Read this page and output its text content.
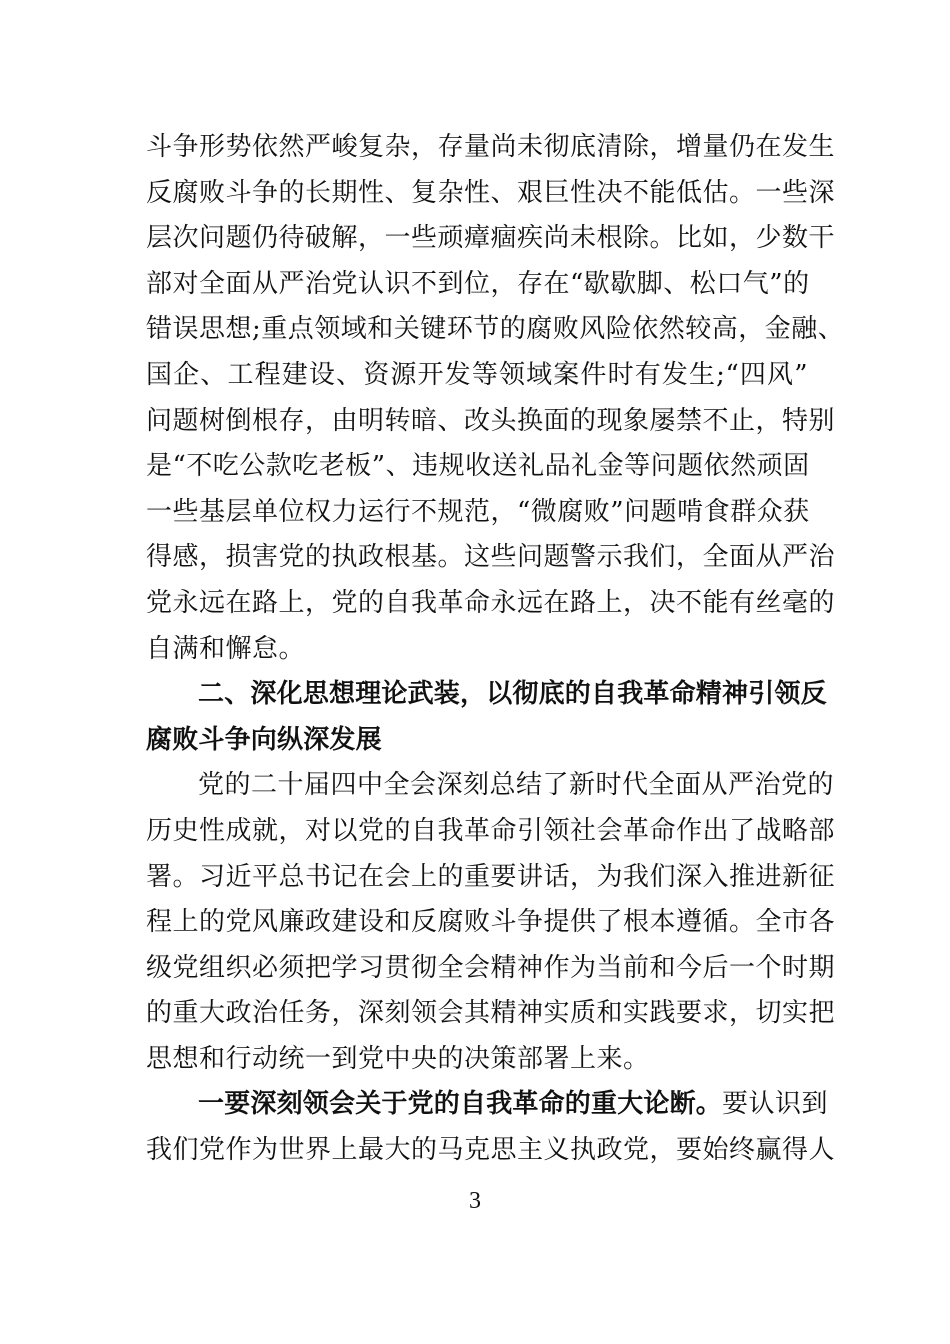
斗争形势依然严峻复杂，存量尚未彻底清除，增量仍在发生
反腐败斗争的长期性、复杂性、艰巨性决不能低估。一些深
层次问题仍待破解，一些顽瘴痼疾尚未根除。比如，少数干
部对全面从严治党认识不到位，存在“歇歇脚、松口气”的
错误思想;重点领域和关键环节的腐败风险依然较高，金融、
国企、工程建设、资源开发等领域案件时有发生;“四风”
问题树倒根存，由明转暗、改头换面的现象屡禁不止，特别
是“不吃公款吃老板”、违规收送礼品礼金等问题依然顽固
一些基层单位权力运行不规范，“微腐败”问题啃食群众获
得感，损害党的执政根基。这些问题警示我们，全面从严治
党永远在路上，党的自我革命永远在路上，决不能有丝毫的
自满和懈怠。
二、深化思想理论武装，以彻底的自我革命精神引领反
腐败斗争向纵深发展
党的二十届四中全会深刻总结了新时代全面从严治党的
历史性成就，对以党的自我革命引领社会革命作出了战略部
署。习近平总书记在会上的重要讲话，为我们深入推进新征
程上的党风廉政建设和反腐败斗争提供了根本遵循。全市各
级党组织必须把学习贯彻全会精神作为当前和今后一个时期
的重大政治任务，深刻领会其精神实质和实践要求，切实把
思想和行动统一到党中央的决策部署上来。
一要深刻领会关于党的自我革命的重大论断。要认识到
我们党作为世界上最大的马克思主义执政党，要始终赢得人
3
